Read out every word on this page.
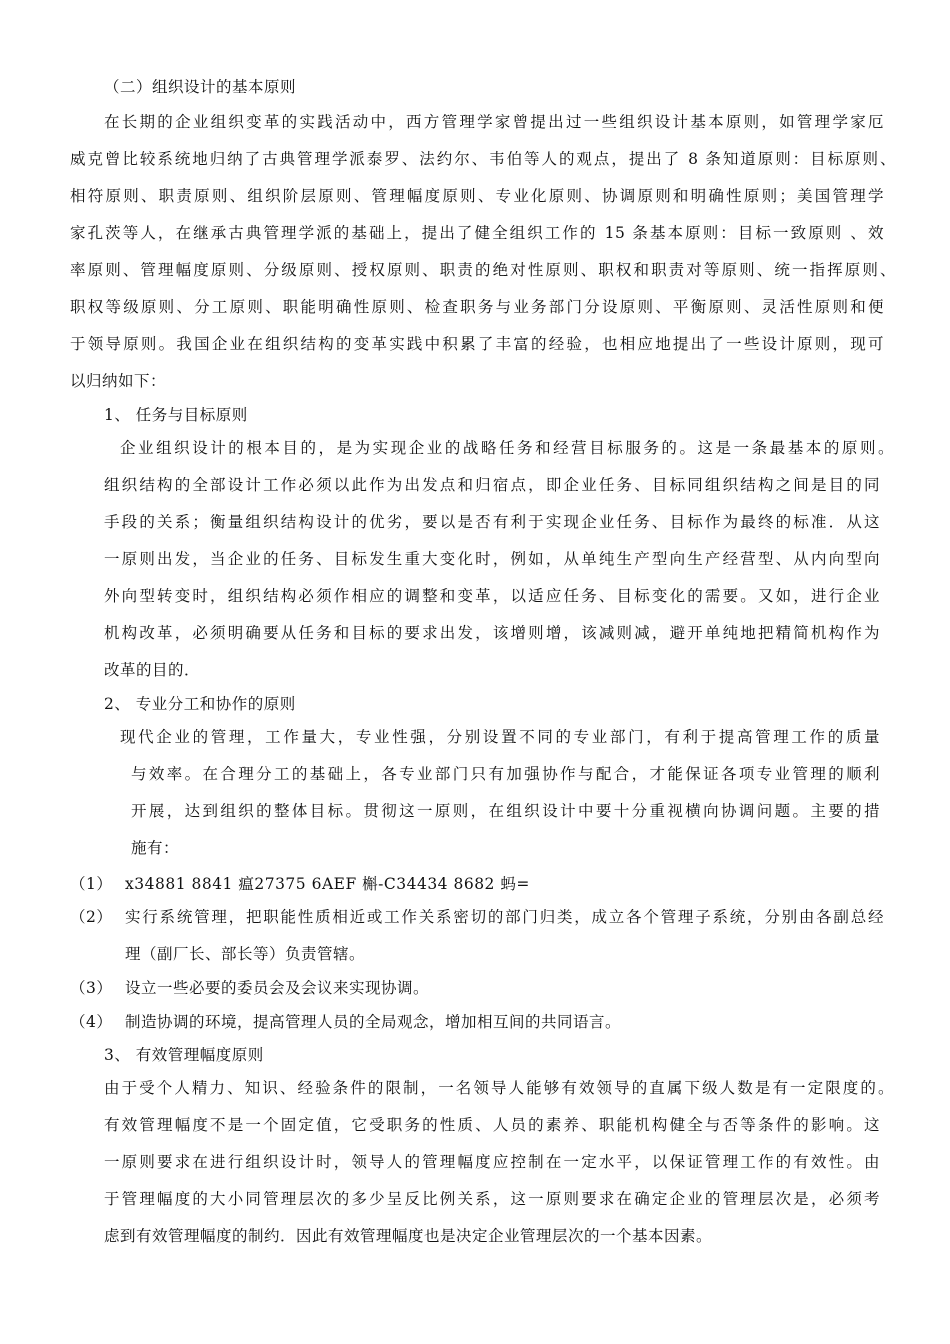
（二）组织设计的基本原则
在长期的企业组织变革的实践活动中，西方管理学家曾提出过一些组织设计基本原则，如管理学家厄
威克曾比较系统地归纳了古典管理学派泰罗、法约尔、韦伯等人的观点，提出了 8 条知道原则：目标原则、
相符原则、职责原则、组织阶层原则、管理幅度原则、专业化原则、协调原则和明确性原则；美国管理学
家孔茨等人，在继承古典管理学派的基础上，提出了健全组织工作的 15 条基本原则：目标一致原则 、效
率原则、管理幅度原则、分级原则、授权原则、职责的绝对性原则、职权和职责对等原则、统一指挥原则、
职权等级原则、分工原则、职能明确性原则、检查职务与业务部门分设原则、平衡原则、灵活性原则和便
于领导原则。我国企业在组织结构的变革实践中积累了丰富的经验，也相应地提出了一些设计原则，现可
以归纳如下：
1、 任务与目标原则
企业组织设计的根本目的，是为实现企业的战略任务和经营目标服务的。这是一条最基本的原则。
组织结构的全部设计工作必须以此作为出发点和归宿点，即企业任务、目标同组织结构之间是目的同
手段的关系；衡量组织结构设计的优劣，要以是否有利于实现企业任务、目标作为最终的标准．从这
一原则出发，当企业的任务、目标发生重大变化时，例如，从单纯生产型向生产经营型、从内向型向
外向型转变时，组织结构必须作相应的调整和变革，以适应任务、目标变化的需要。又如，进行企业
机构改革，必须明确要从任务和目标的要求出发，该增则增，该减则减，避开单纯地把精简机构作为
改革的目的．
2、 专业分工和协作的原则
现代企业的管理，工作量大，专业性强，分别设置不同的专业部门，有利于提高管理工作的质量
与效率。在合理分工的基础上，各专业部门只有加强协作与配合，才能保证各项专业管理的顺利
开展，达到组织的整体目标。贯彻这一原则，在组织设计中要十分重视横向协调问题。主要的措
施有：
（1） x34881 8841 瘟27375 6AEF 槲-C34434 8682 蚂=
（2） 实行系统管理，把职能性质相近或工作关系密切的部门归类，成立各个管理子系统，分别由各副总经
理（副厂长、部长等）负责管辖。
（3） 设立一些必要的委员会及会议来实现协调。
（4） 制造协调的环境，提高管理人员的全局观念，增加相互间的共同语言。
3、 有效管理幅度原则
由于受个人精力、知识、经验条件的限制，一名领导人能够有效领导的直属下级人数是有一定限度的。
有效管理幅度不是一个固定值，它受职务的性质、人员的素养、职能机构健全与否等条件的影响。这
一原则要求在进行组织设计时，领导人的管理幅度应控制在一定水平，以保证管理工作的有效性。由
于管理幅度的大小同管理层次的多少呈反比例关系，这一原则要求在确定企业的管理层次是，必须考
虑到有效管理幅度的制约．因此有效管理幅度也是决定企业管理层次的一个基本因素。
